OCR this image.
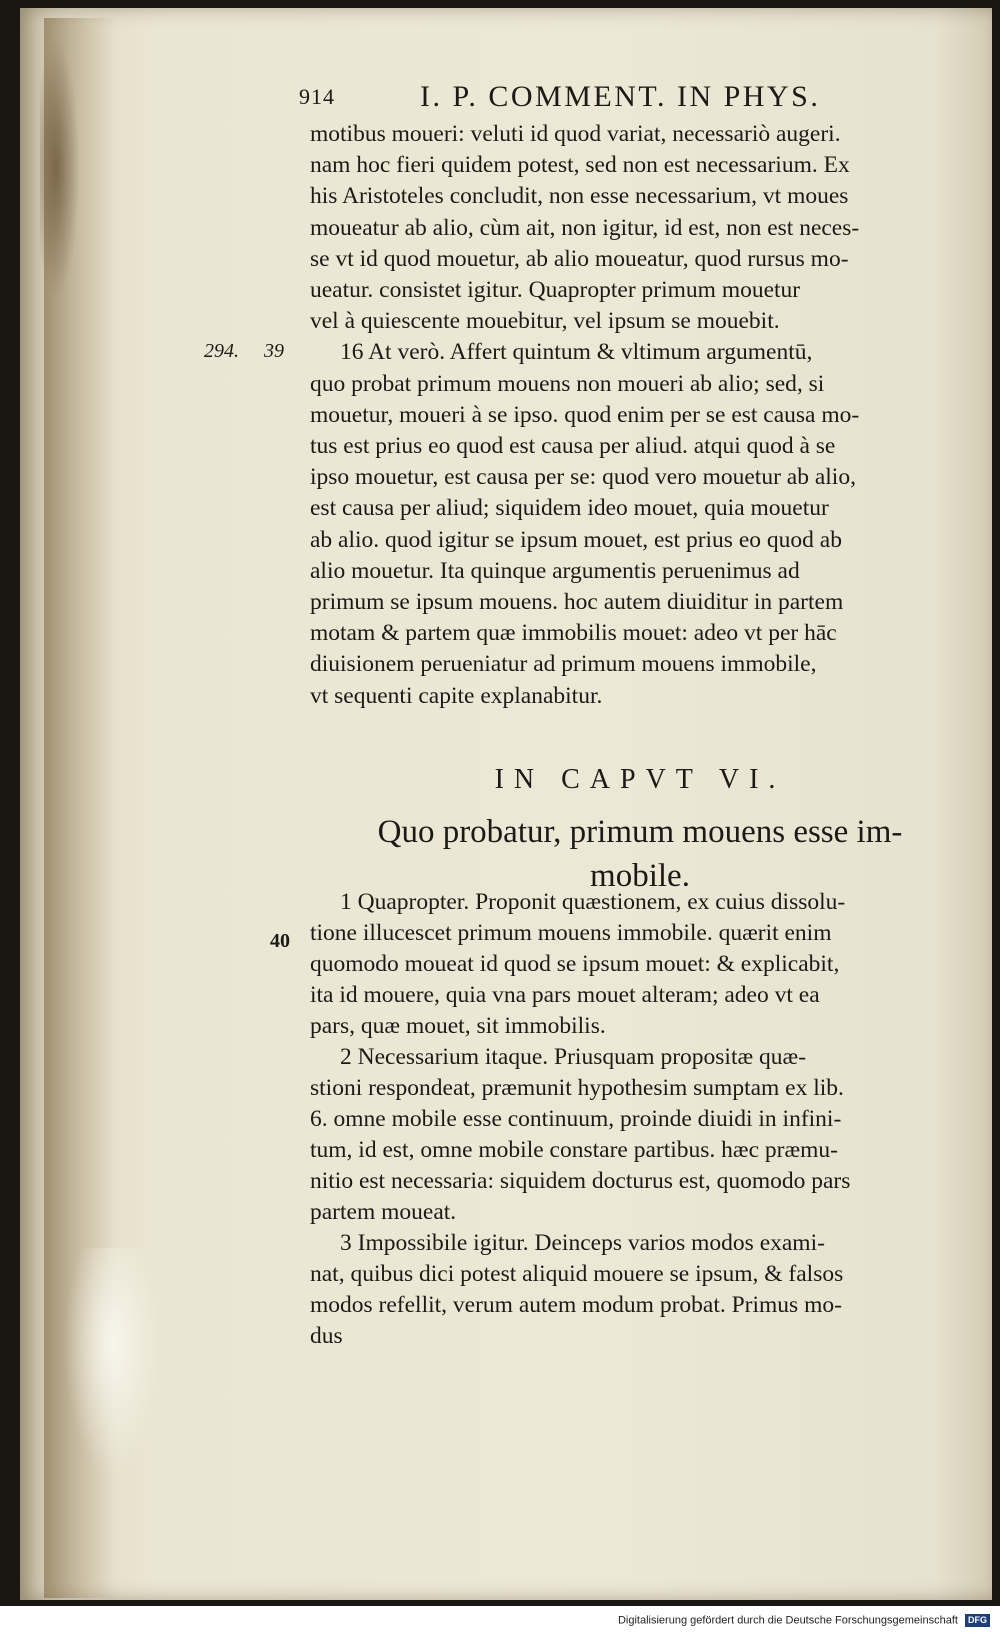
914	I. P. COMMENT. IN PHYS.
motibus moueri: veluti id quod variat, necessariò augeri.
nam hoc fieri quidem potest, sed non est necessarium. Ex
his Aristoteles concludit, non esse necessarium, vt moues
moueatur ab alio, cùm ait, non igitur, id est, non est neces-
se vt id quod mouetur, ab alio moueatur, quod rursus mo-
ueatur. consistet igitur. Quapropter primum mouetur
vel à quiescente mouebitur, vel ipsum se mouebit.
16 At verò. Affert quintum & vltimum argumentū,
quo probat primum mouens non moueri ab alio; sed, si
mouetur, moueri à se ipso. quod enim per se est causa mo-
tus est prius eo quod est causa per aliud. atqui quod à se
ipso mouetur, est causa per se: quod vero mouetur ab alio,
est causa per aliud; siquidem ideo mouet, quia mouetur
ab alio. quod igitur se ipsum mouet, est prius eo quod ab
alio mouetur. Ita quinque argumentis peruenimus ad
primum se ipsum mouens. hoc autem diuiditur in partem
motam & partem quæ immobilis mouet: adeo vt per hāc
diuisionem perueniatur ad primum mouens immobile,
vt sequenti capite explanabitur.
294. 39
IN CAPVT VI.
Quo probatur, primum mouens esse im-
mobile.
40
1 Quapropter. Proponit quæstionem, ex cuius dissolu-
tione illucescet primum mouens immobile. quærit enim
quomodo moueat id quod se ipsum mouet: & explicabit,
ita id mouere, quia vna pars mouet alteram; adeo vt ea
pars, quæ mouet, sit immobilis.
2 Necessarium itaque. Priusquam propositæ quæ-
stioni respondeat, præmunit hypothesim sumptam ex lib.
6. omne mobile esse continuum, proinde diuidi in infini-
tum, id est, omne mobile constare partibus. hæc præmu-
nitio est necessaria: siquidem docturus est, quomodo pars
partem moueat.
3 Impossibile igitur. Deinceps varios modos exami-
nat, quibus dici potest aliquid mouere se ipsum, & falsos
modos refellit, verum autem modum probat. Primus mo-
dus
Digitalisierung gefördert durch die Deutsche Forschungsgemeinschaft DFG
